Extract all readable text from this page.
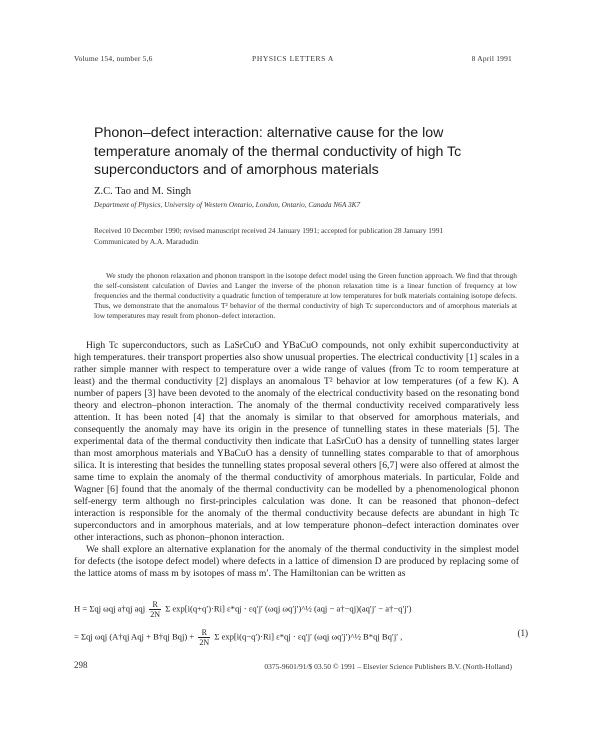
Volume 154, number 5,6	PHYSICS LETTERS A	8 April 1991
Phonon–defect interaction: alternative cause for the low temperature anomaly of the thermal conductivity of high Tc superconductors and of amorphous materials
Z.C. Tao and M. Singh
Department of Physics, University of Western Ontario, London, Ontario, Canada N6A 3K7
Received 10 December 1990; revised manuscript received 24 January 1991; accepted for publication 28 January 1991
Communicated by A.A. Maradudin

We study the phonon relaxation and phonon transport in the isotope defect model using the Green function approach. We find that through the self-consistent calculation of Davies and Langer the inverse of the phonon relaxation time is a linear function of frequency at low frequencies and the thermal conductivity a quadratic function of temperature at low temperatures for bulk materials containing isotope defects. Thus, we demonstrate that the anomalous T² behavior of the thermal conductivity of high Tc superconductors and of amorphous materials at low temperatures may result from phonon–defect interaction.

High Tc superconductors, such as LaSrCuO and YBaCuO compounds, not only exhibit superconductivity at high temperatures. their transport properties also show unusual properties. The electrical conductivity [1] scales in a rather simple manner with respect to temperature over a wide range of values (from Tc to room temperature at least) and the thermal conductivity [2] displays an anomalous T² behavior at low temperatures (of a few K). A number of papers [3] have been devoted to the anomaly of the electrical conductivity based on the resonating bond theory and electron–phonon interaction. The anomaly of the thermal conductivity received comparatively less attention. It has been noted [4] that the anomaly is similar to that observed for amorphous materials, and consequently the anomaly may have its origin in the presence of tunnelling states in these materials [5]. The experimental data of the thermal conductivity then indicate that LaSrCuO has a density of tunnelling states larger than most amorphous materials and YBaCuO has a density of tunnelling states comparable to that of amorphous silica. It is interesting that besides the tunnelling states proposal several others [6,7] were also offered at almost the same time to explain the anomaly of the thermal conductivity of amorphous materials. In particular, Folde and Wagner [6] found that the anomaly of the thermal conductivity can be modelled by a phenomenological phonon self-energy term although no first-principles calculation was done. It can be reasoned that phonon–defect interaction is responsible for the anomaly of the thermal conductivity because defects are abundant in high Tc superconductors and in amorphous materials, and at low temperature phonon–defect interaction dominates over other interactions, such as phonon–phonon interaction.

We shall explore an alternative explanation for the anomaly of the thermal conductivity in the simplest model for defects (the isotope defect model) where defects in a lattice of dimension D are produced by replacing some of the lattice atoms of mass m by isotopes of mass m′. The Hamiltonian can be written as

H = Σqj ωqj a†qj aqj $\frac{R}{2N}$ Σ exp[i(q+q′)·Ri] ε*qj · εq′j′ (ωqj ωq′j′)^½ (aqj − a†−qj)(aq′j′ − a†−q′j′)
= Σqj ωqj (A†qj Aqj + B†qj $Bqj) + \frac{R}{2N}$ Σ exp[i(q−q′)·Ri] ε*qj · εq′j′ (ωqj ωq′j′)^½ B*qj Bq′j′ ,	(1)
298	0375-9601/91/$ 03.50 © 1991 – Elsevier Science Publishers B.V. (North-Holland)
